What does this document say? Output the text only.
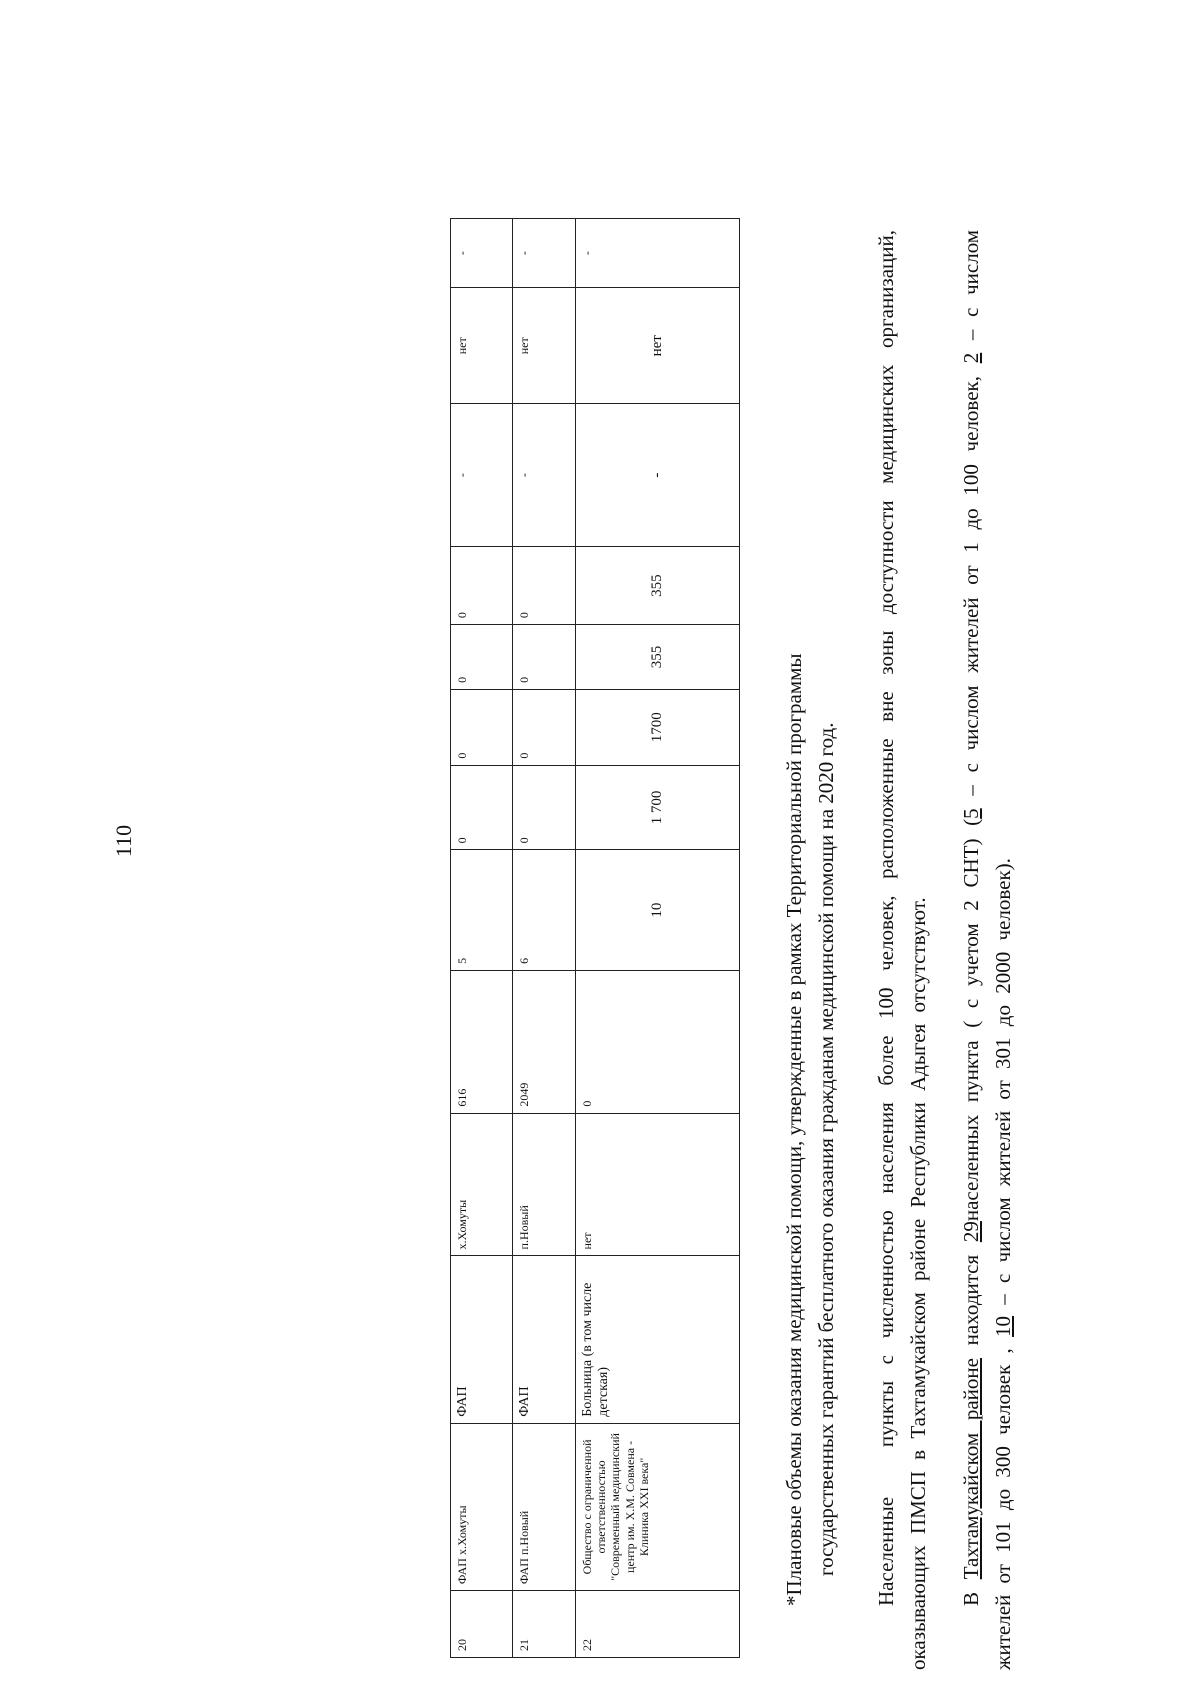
110
20	ФАП х.Хомуты	ФАП	х.Хомуты	616	5	0	0	0	0	-	нет	-
21	ФАП п.Новый	ФАП	п.Новый	2049	6	0	0	0	0	-	нет	-
22	Общество с ограниченной ответственностью "Современный медицинский центр им. Х.М. Совмена - Клиника XXI века"	Больница (в том числе детская)	нет	0	10	1 700	1700	355	355	-	нет	-

*Плановые объемы оказания медицинской помощи, утвержденные в рамках Территориальной программы государственных гарантий бесплатного оказания гражданам медицинской помощи на 2020 год. Населенные   пункты с численностью населения более 100 человек, расположенные вне зоны доступности медицинских организаций, оказывающих ПМСП в Тахтамукайском районе Республики Адыгея отсутствуют. В Тахтамукайском районе находится 29населенных пункта ( с учетом 2 СНТ) (5 – с числом жителей от 1 до 100 человек, 2 – с числом жителей от 101 до 300 человек , 10 – с числом жителей от 301 до 2000 человек).
